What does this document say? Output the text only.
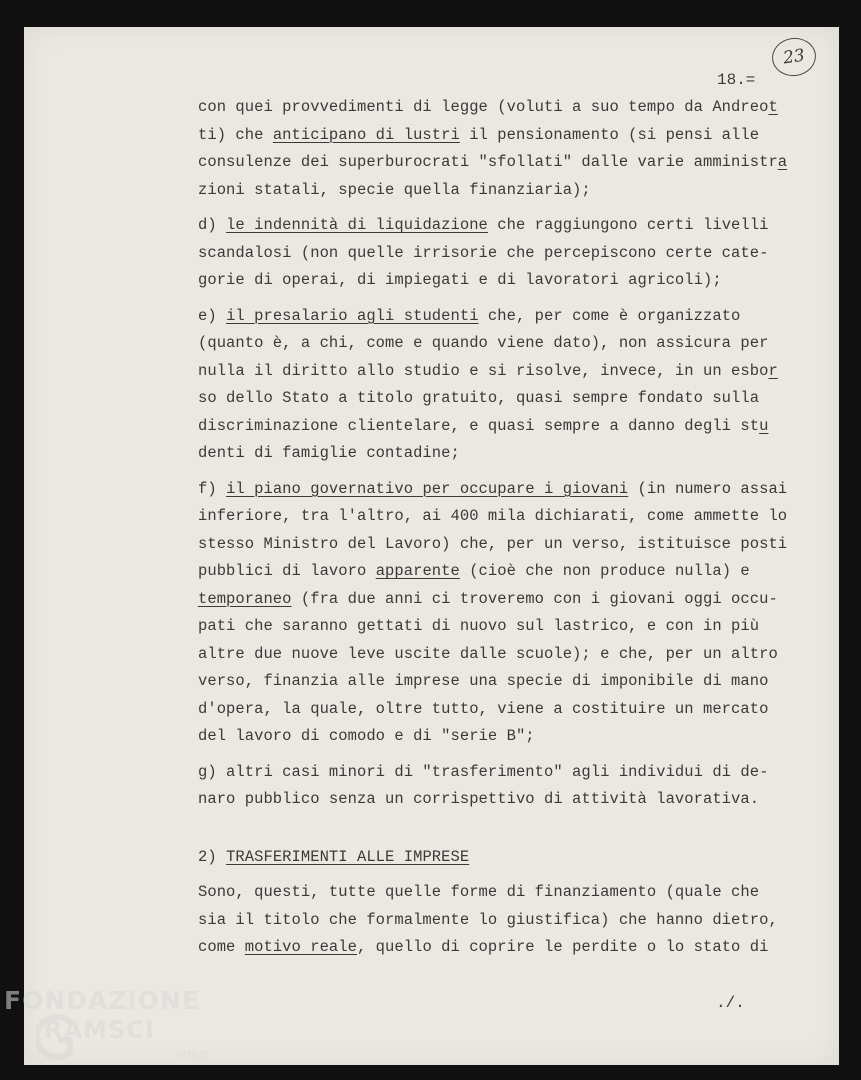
23
18.=
con quei provvedimenti di legge (voluti a suo tempo da Andreot
ti) che anticipano di lustri il pensionamento (si pensi alle
consulenze dei superburocrati "sfollati" dalle varie amministra
zioni statali, specie quella finanziaria);
d) le indennità di liquidazione che raggiungono certi livelli
scandalosi (non quelle irrisorie che percepiscono certe cate-
gorie di operai, di impiegati e di lavoratori agricoli);
e) il presalario agli studenti che, per come è organizzato
(quanto è, a chi, come e quando viene dato), non assicura per
nulla il diritto allo studio e si risolve, invece, in un esbor
so dello Stato a titolo gratuito, quasi sempre fondato sulla
discriminazione clientelare, e quasi sempre a danno degli stu
denti di famiglie contadine;
f) il piano governativo per occupare i giovani (in numero assai
inferiore, tra l'altro, ai 400 mila dichiarati, come ammette lo
stesso Ministro del Lavoro) che, per un verso, istituisce posti
pubblici di lavoro apparente (cioè che non produce nulla) e
temporaneo (fra due anni ci troveremo con i giovani oggi occu-
pati che saranno gettati di nuovo sul lastrico, e con in più
altre due nuove leve uscite dalle scuole); e che, per un altro
verso, finanzia alle imprese una specie di imponibile di mano
d'opera, la quale, oltre tutto, viene a costituire un mercato
del lavoro di comodo e di "serie B";
g) altri casi minori di "trasferimento" agli individui di de-
naro pubblico senza un corrispettivo di attività lavorativa.
2) TRASFERIMENTI ALLE IMPRESE
Sono, questi, tutte quelle forme di finanziamento (quale che
sia il titolo che formalmente lo giustifica) che hanno dietro,
come motivo reale, quello di coprire le perdite o lo stato di
./.
FONDAZIONE
RAMSCI
onlus
